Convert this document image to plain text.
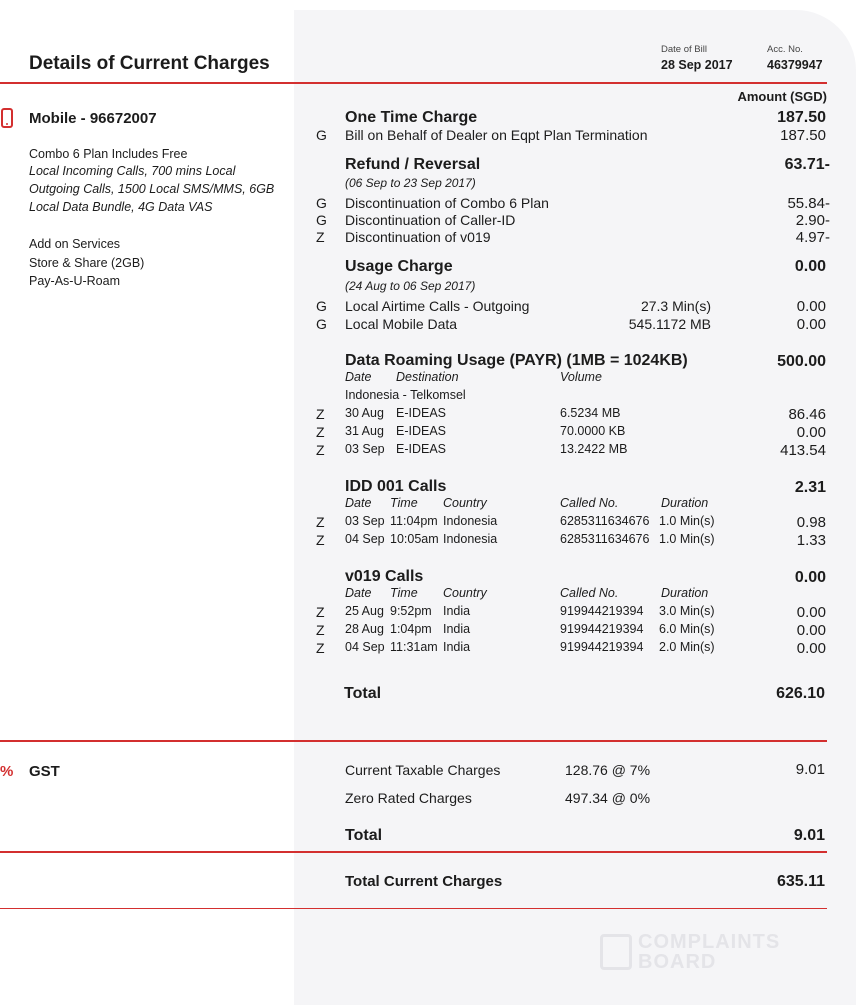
Details of Current Charges
Date of Bill
28 Sep 2017
Acc. No.
46379947
Amount (SGD)
Mobile - 96672007
Combo 6 Plan Includes Free
Local Incoming Calls, 700 mins Local
Outgoing Calls, 1500 Local SMS/MMS, 6GB
Local Data Bundle, 4G Data VAS
Add on Services
Store & Share (2GB)
Pay-As-U-Roam
One Time Charge	187.50
G Bill on Behalf of Dealer on Eqpt Plan Termination	187.50
Refund / Reversal	63.71-
(06 Sep to 23 Sep 2017)
G Discontinuation of Combo 6 Plan	55.84-
G Discontinuation of Caller-ID	2.90-
Z Discontinuation of v019	4.97-
Usage Charge	0.00
(24 Aug to 06 Sep 2017)
G Local Airtime Calls - Outgoing	27.3 Min(s)	0.00
G Local Mobile Data	545.1172 MB	0.00
Data Roaming Usage (PAYR) (1MB = 1024KB)	500.00
Date Destination	Volume
Indonesia - Telkomsel
Z 30 Aug E-IDEAS	6.5234 MB	86.46
Z 31 Aug E-IDEAS	70.0000 KB	0.00
Z 03 Sep E-IDEAS	13.2422 MB	413.54
IDD 001 Calls	2.31
Date Time Country	Called No.	Duration
Z 03 Sep 11:04pm Indonesia	6285311634676 1.0 Min(s)	0.98
Z 04 Sep 10:05am Indonesia	6285311634676 1.0 Min(s)	1.33
v019 Calls	0.00
Date Time Country	Called No.	Duration
Z 25 Aug 9:52pm India	919944219394 3.0 Min(s)	0.00
Z 28 Aug 1:04pm India	919944219394 6.0 Min(s)	0.00
Z 04 Sep 11:31am India	919944219394 2.0 Min(s)	0.00
Total	626.10
% GST	Current Taxable Charges	128.76 @ 7%	9.01
Zero Rated Charges	497.34 @ 0%
Total	9.01
Total Current Charges	635.11
COMPLAINTS
BOARD
